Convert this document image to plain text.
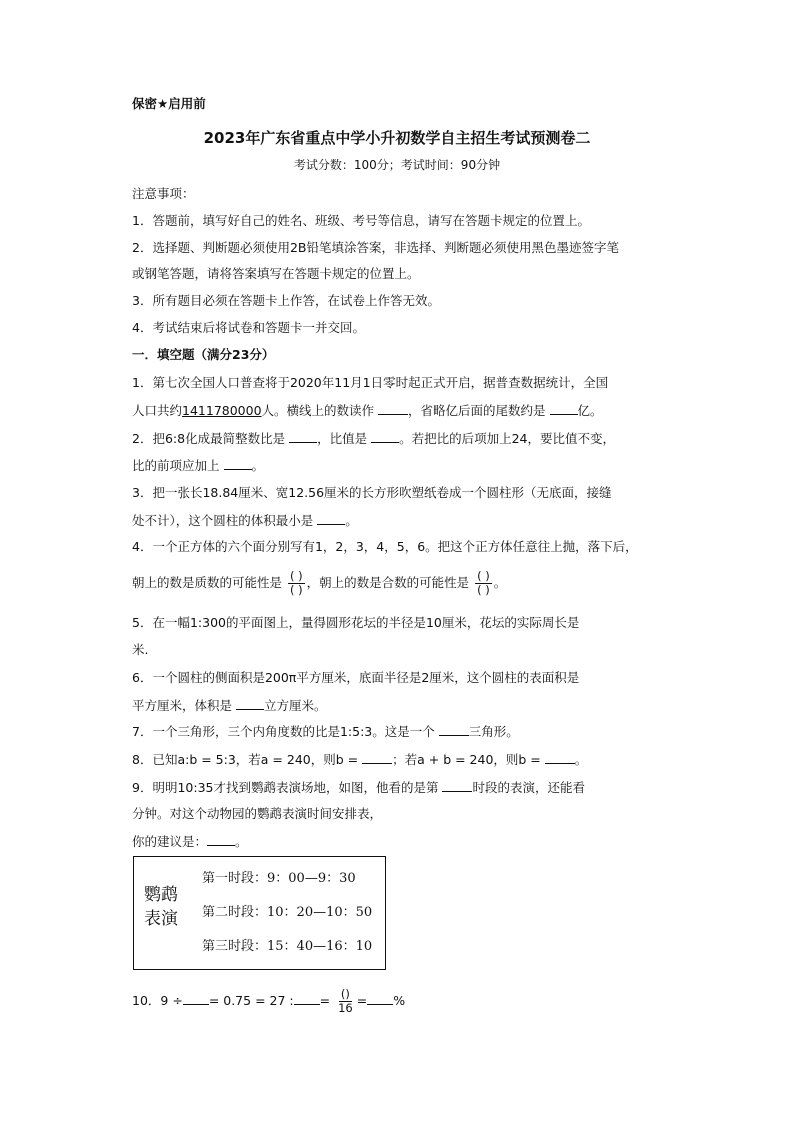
保密★启用前
2023年广东省重点中学小升初数学自主招生考试预测卷二
考试分数：100分；考试时间：90分钟
注意事项：
1．答题前，填写好自己的姓名、班级、考号等信息，请写在答题卡规定的位置上。
2．选择题、判断题必须使用2B铅笔填涂答案，非选择、判断题必须使用黑色墨迹签字笔
或钢笔答题，请将答案填写在答题卡规定的位置上。
3．所有题目必须在答题卡上作答，在试卷上作答无效。
4．考试结束后将试卷和答题卡一并交回。
一．填空题（满分23分）
1．第七次全国人口普查将于2020年11月1日零时起正式开启，据普查数据统计，全国
人口共约1411780000人。横线上的数读作	，省略亿后面的尾数约是	亿。
2．把6:8化成最简整数比是	，比值是	。若把比的后项加上24，要比值不变，
比的前项应加上	。
3．把一张长18.84厘米、宽12.56厘米的长方形吹塑纸卷成一个圆柱形（无底面，接缝
处不计），这个圆柱的体积最小是	。
4．一个正方体的六个面分别写有1，2，3，4，5，6。把这个正方体任意往上抛，落下后，
朝上的数是质数的可能性是 $\frac{( )}{( )}$ ，朝上的数是合数的可能性是 $\frac{( )}{( )}$ 。
5．在一幅1:300的平面图上，量得圆形花坛的半径是10厘米，花坛的实际周长是
米.
6．一个圆柱的侧面积是200π平方厘米，底面半径是2厘米，这个圆柱的表面积是
平方厘米，体积是	立方厘米。
7．一个三角形，三个内角度数的比是1:5:3。这是一个	三角形。
8．已知a:b = 5:3，若a = 240，则b =	；若a + b = 240，则b =	。
9．明明10:35才找到鹦鹉表演场地，如图，他看的是第	时段的表演，还能看
分钟。对这个动物园的鹦鹉表演时间安排表，
你的建议是： 。
鹦鹉表演
第一时段：9：00—9：30
第二时段：10：20—10：50
第三时段：15：40—16：10
10．9 ÷ = 0.75 = 27 : = $\frac{()}{16}$ = %
